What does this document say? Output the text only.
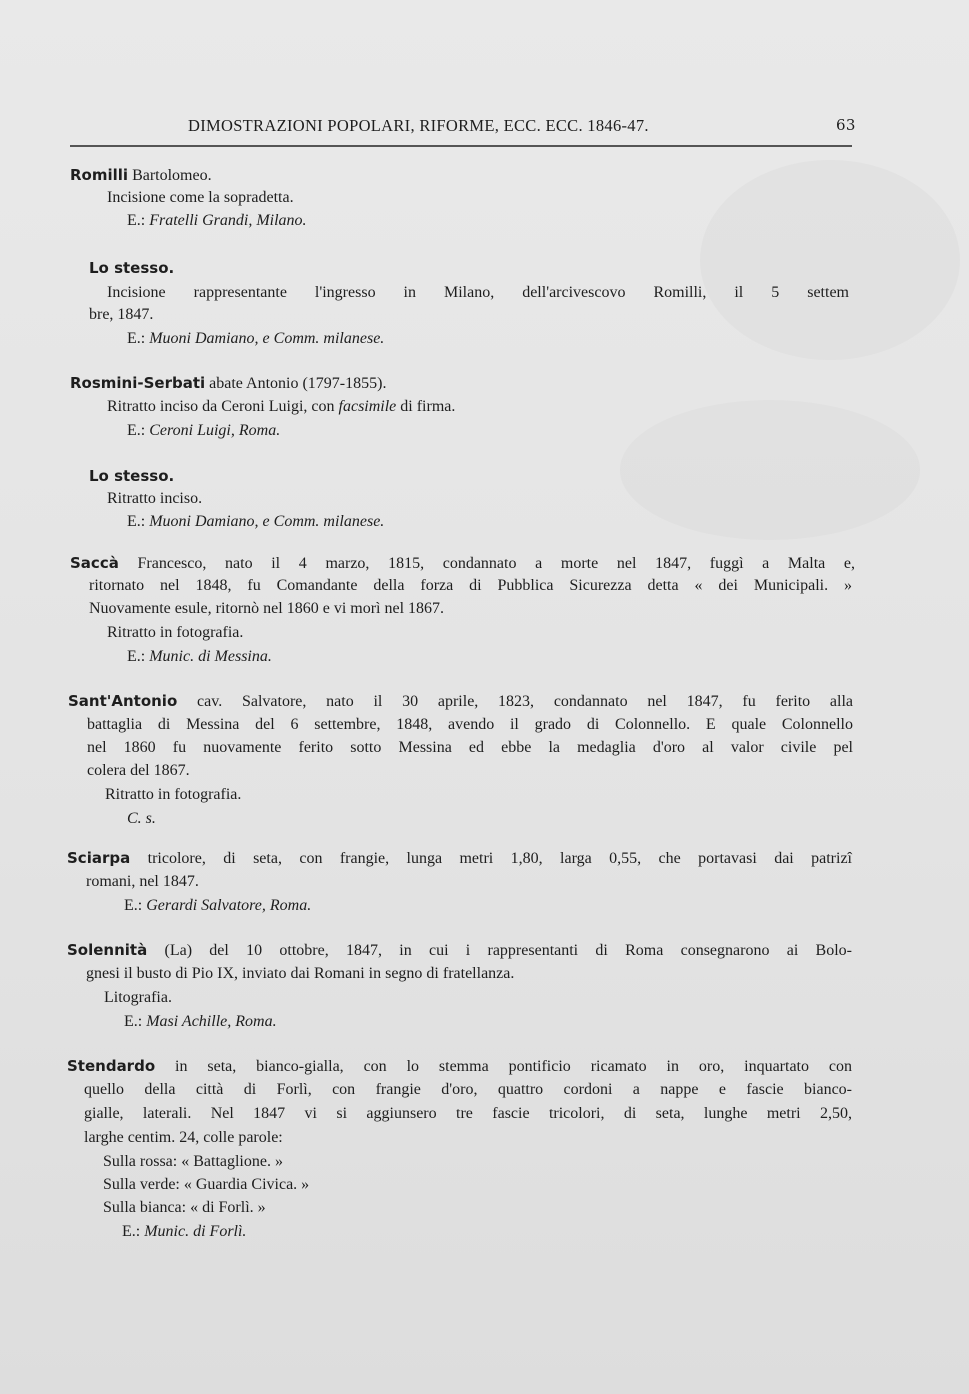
DIMOSTRAZIONI POPOLARI, RIFORME, ECC. ECC. 1846-47.	63
Romilli Bartolomeo.
Incisione come la sopradetta.
E.: Fratelli Grandi, Milano.
Lo stesso.
Incisione rappresentante l'ingresso in Milano, dell'arcivescovo Romilli, il 5 settem
bre, 1847.
E.: Muoni Damiano, e Comm. milanese.
Rosmini-Serbati abate Antonio (1797-1855).
Ritratto inciso da Ceroni Luigi, con facsimile di firma.
E.: Ceroni Luigi, Roma.
Lo stesso.
Ritratto inciso.
E.: Muoni Damiano, e Comm. milanese.
Saccà Francesco, nato il 4 marzo, 1815, condannato a morte nel 1847, fuggì a Malta e,
ritornato nel 1848, fu Comandante della forza di Pubblica Sicurezza detta « dei Municipali. »
Nuovamente esule, ritornò nel 1860 e vi morì nel 1867.
Ritratto in fotografia.
E.: Munic. di Messina.
Sant'Antonio cav. Salvatore, nato il 30 aprile, 1823, condannato nel 1847, fu ferito alla
battaglia di Messina del 6 settembre, 1848, avendo il grado di Colonnello. E quale Colonnello
nel 1860 fu nuovamente ferito sotto Messina ed ebbe la medaglia d'oro al valor civile pel
colera del 1867.
Ritratto in fotografia.
C. s.
Sciarpa tricolore, di seta, con frangie, lunga metri 1,80, larga 0,55, che portavasi dai patrizî
romani, nel 1847.
E.: Gerardi Salvatore, Roma.
Solennità (La) del 10 ottobre, 1847, in cui i rappresentanti di Roma consegnarono ai Bolo-
gnesi il busto di Pio IX, inviato dai Romani in segno di fratellanza.
Litografia.
E.: Masi Achille, Roma.
Stendardo in seta, bianco-gialla, con lo stemma pontificio ricamato in oro, inquartato con
quello della città di Forlì, con frangie d'oro, quattro cordoni a nappe e fascie bianco-
gialle, laterali. Nel 1847 vi si aggiunsero tre fascie tricolori, di seta, lunghe metri 2,50,
larghe centim. 24, colle parole:
Sulla rossa: « Battaglione. »
Sulla verde: « Guardia Civica. »
Sulla bianca: « di Forlì. »
E.: Munic. di Forlì.
